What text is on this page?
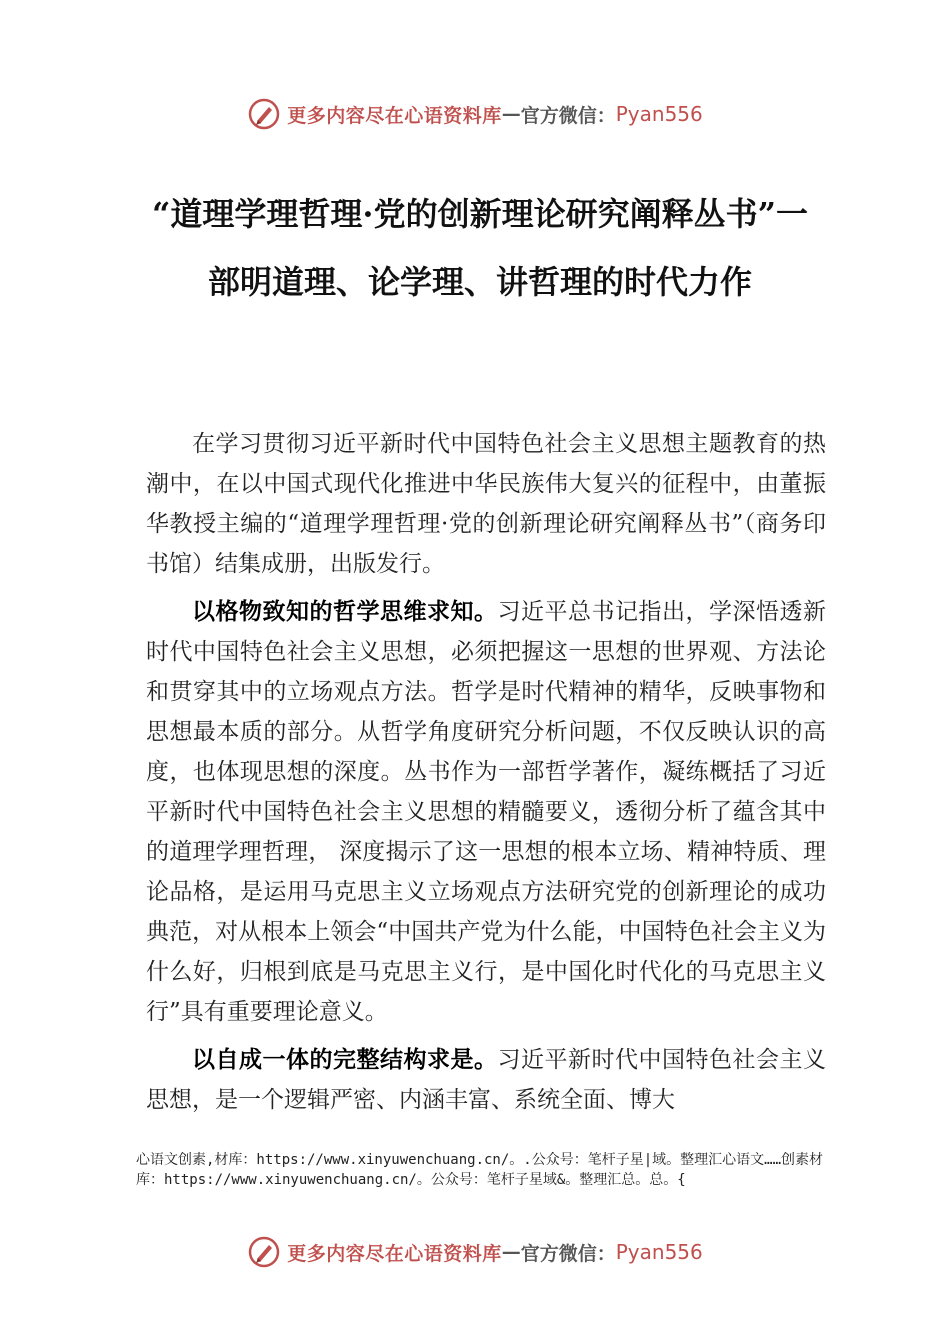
更多内容尽在心语资料库 — 官方微信： Pyan556
“道理学理哲理·党的创新理论研究阐释丛书”一部明道理、论学理、讲哲理的时代力作

在学习贯彻习近平新时代中国特色社会主义思想主题教育的热潮中，在以中国式现代化推进中华民族伟大复兴的征程中，由董振华教授主编的“道理学理哲理·党的创新理论研究阐释丛书”（商务印书馆）结集成册，出版发行。

以格物致知的哲学思维求知。习近平总书记指出，学深悟透新时代中国特色社会主义思想，必须把握这一思想的世界观、方法论和贯穿其中的立场观点方法。哲学是时代精神的精华，反映事物和思想最本质的部分。从哲学角度研究分析问题，不仅反映认识的高度，也体现思想的深度。丛书作为一部哲学著作，凝练概括了习近平新时代中国特色社会主义思想的精髓要义，透彻分析了蕴含其中的道理学理哲理， 深度揭示了这一思想的根本立场、精神特质、理论品格，是运用马克思主义立场观点方法研究党的创新理论的成功典范，对从根本上领会“中国共产党为什么能，中国特色社会主义为什么好，归根到底是马克思主义行，是中国化时代化的马克思主义行”具有重要理论意义。

以自成一体的完整结构求是。习近平新时代中国特色社会主义思想，是一个逻辑严密、内涵丰富、系统全面、博大

心语文创素,材库：https://www.xinyuwenchuang.cn/。.公众号：笔杆子星|域。整理汇心语文……创素材库：https://www.xinyuwenchuang.cn/。公众号：笔杆子星域&。整理汇总。总。{
更多内容尽在心语资料库 — 官方微信： Pyan556
